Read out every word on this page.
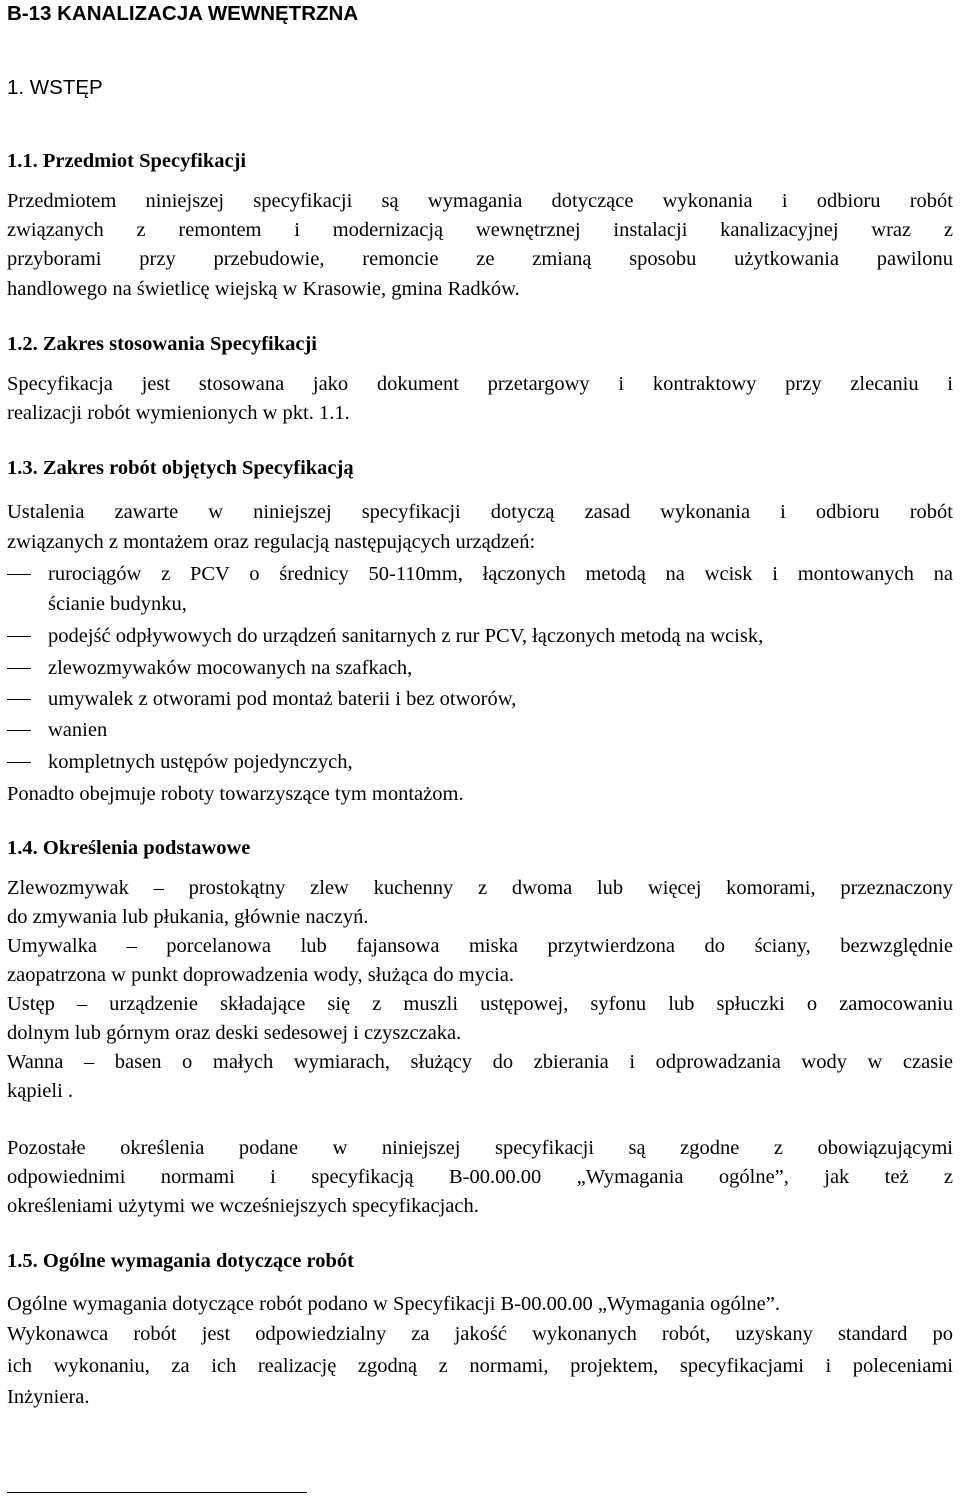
B-13 KANALIZACJA WEWNĘTRZNA
1. WSTĘP
1.1. Przedmiot Specyfikacji
Przedmiotem niniejszej specyfikacji są wymagania dotyczące wykonania i odbioru robót
związanych z remontem i modernizacją wewnętrznej instalacji kanalizacyjnej wraz z
przyborami przy przebudowie, remoncie ze zmianą sposobu użytkowania pawilonu
handlowego na świetlicę wiejską w Krasowie, gmina Radków.
1.2. Zakres stosowania Specyfikacji
Specyfikacja jest stosowana jako dokument przetargowy i kontraktowy przy zlecaniu i
realizacji robót wymienionych w pkt. 1.1.
1.3. Zakres robót objętych Specyfikacją
Ustalenia zawarte w niniejszej specyfikacji dotyczą zasad wykonania i odbioru robót
związanych z montażem oraz regulacją następujących urządzeń:
rurociągów z PCV o średnicy 50-110mm, łączonych metodą na wcisk i montowanych na
ścianie budynku,
podejść odpływowych do urządzeń sanitarnych z rur PCV, łączonych metodą na wcisk,
zlewozmywaków mocowanych na szafkach,
umywalek z otworami pod montaż baterii i bez otworów,
wanien
kompletnych ustępów pojedynczych,
Ponadto obejmuje roboty towarzyszące tym montażom.
1.4. Określenia podstawowe
Zlewozmywak – prostokątny zlew kuchenny z dwoma lub więcej komorami, przeznaczony
do zmywania lub płukania, głównie naczyń.
Umywalka – porcelanowa lub fajansowa miska przytwierdzona do ściany, bezwzględnie
zaopatrzona w punkt doprowadzenia wody, służąca do mycia.
Ustęp – urządzenie składające się z muszli ustępowej, syfonu lub spłuczki o zamocowaniu
dolnym lub górnym oraz deski sedesowej i czyszczaka.
Wanna – basen o małych wymiarach, służący do zbierania i odprowadzania wody w czasie
kąpieli .
Pozostałe określenia podane w niniejszej specyfikacji są zgodne z obowiązującymi
odpowiednimi normami i specyfikacją B-00.00.00 „Wymagania ogólne”, jak też z
określeniami użytymi we wcześniejszych specyfikacjach.
1.5. Ogólne wymagania dotyczące robót
Ogólne wymagania dotyczące robót podano w Specyfikacji B-00.00.00 „Wymagania ogólne”.
Wykonawca robót jest odpowiedzialny za jakość wykonanych robót, uzyskany standard po
ich wykonaniu, za ich realizację zgodną z normami, projektem, specyfikacjami i poleceniami
Inżyniera.
